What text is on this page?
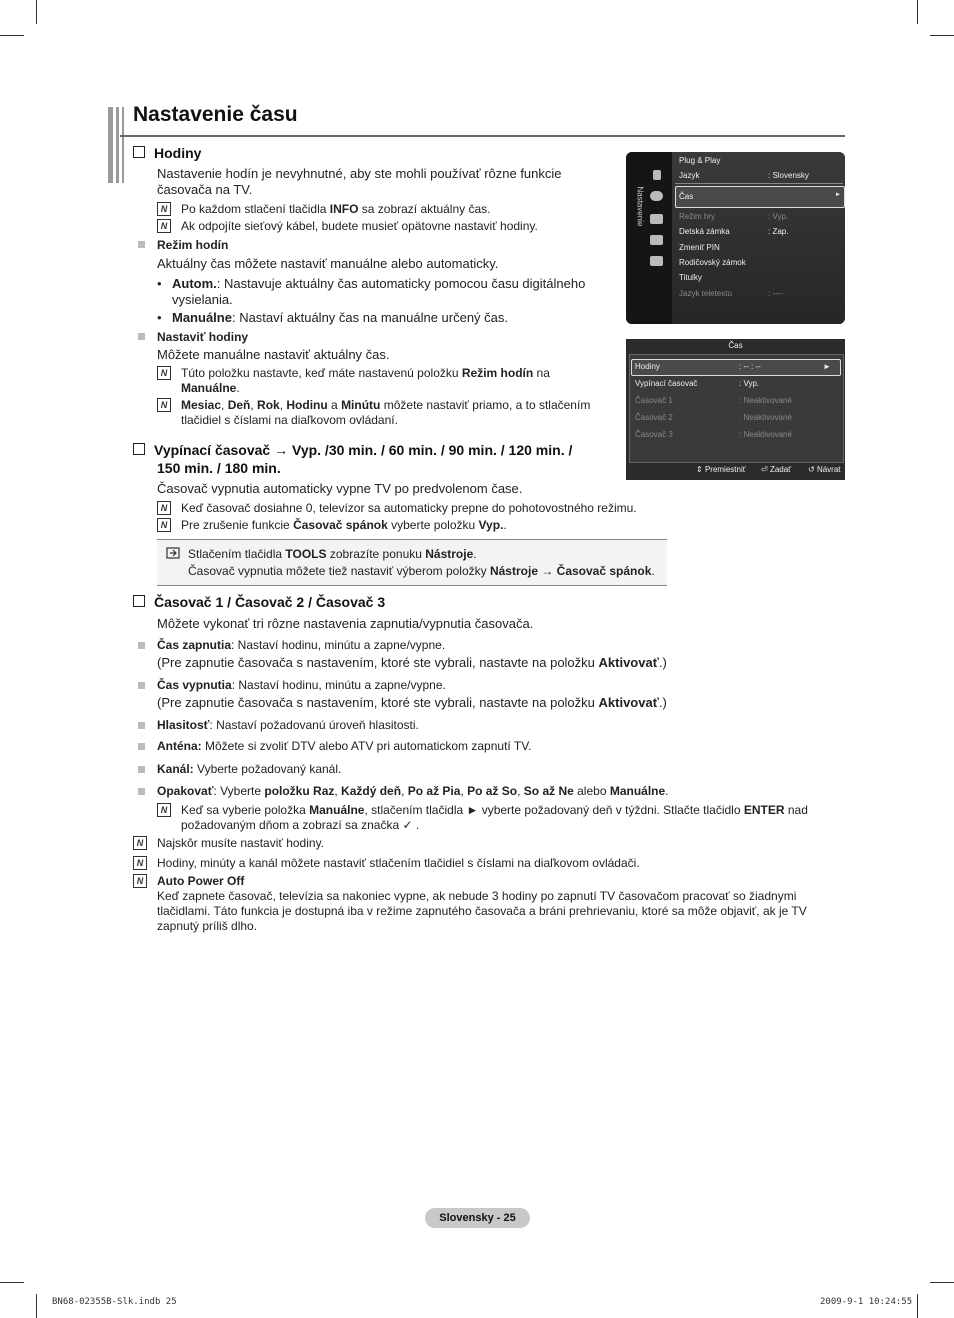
Nastavenie času
Hodiny
Nastavenie hodín je nevyhnutné, aby ste mohli používať rôzne funkcie časovača na TV.
N	Po každom stlačení tlačidla INFO sa zobrazí aktuálny čas.
N	Ak odpojíte sieťový kábel, budete musieť opätovne nastaviť hodiny.
Režim hodín
Aktuálny čas môžete nastaviť manuálne alebo automaticky.
• Autom.: Nastavuje aktuálny čas automaticky pomocou času digitálneho
vysielania.
• Manuálne: Nastaví aktuálny čas na manuálne určený čas.
Nastaviť hodiny
Môžete manuálne nastaviť aktuálny čas.
N	Túto položku nastavte, keď máte nastavenú položku Režim hodín na
Manuálne.
N	Mesiac, Deň, Rok, Hodinu a Minútu môžete nastaviť priamo, a to stlačením
tlačidiel s číslami na diaľkovom ovládaní.
Vypínací časovač → Vyp. /30 min. / 60 min. / 90 min. / 120 min. /
150 min. / 180 min.
Časovač vypnutia automaticky vypne TV po predvolenom čase.
N	Keď časovač dosiahne 0, televízor sa automaticky prepne do pohotovostného režimu.
N	Pre zrušenie funkcie Časovač spánok vyberte položku Vyp..
Stlačením tlačidla TOOLS zobrazíte ponuku Nástroje.
Časovač vypnutia môžete tiež nastaviť výberom položky Nástroje → Časovač spánok.
Časovač 1 / Časovač 2 / Časovač 3
Môžete vykonať tri rôzne nastavenia zapnutia/vypnutia časovača.
Čas zapnutia: Nastaví hodinu, minútu a zapne/vypne.
(Pre zapnutie časovača s nastavením, ktoré ste vybrali, nastavte na položku Aktivovať.)
Čas vypnutia: Nastaví hodinu, minútu a zapne/vypne.
(Pre zapnutie časovača s nastavením, ktoré ste vybrali, nastavte na položku Aktivovať.)
Hlasitosť: Nastaví požadovanú úroveň hlasitosti.
Anténa: Môžete si zvoliť DTV alebo ATV pri automatickom zapnutí TV.
Kanál: Vyberte požadovaný kanál.
Opakovať: Vyberte položku Raz, Každý deň, Po až Pia, Po až So, So až Ne alebo Manuálne.
N	Keď sa vyberie položka Manuálne, stlačením tlačidla ► vyberte požadovaný deň v týždni. Stlačte tlačidlo ENTER nad
požadovaným dňom a zobrazí sa značka ✓ .
N	Najskôr musíte nastaviť hodiny.
N	Hodiny, minúty a kanál môžete nastaviť stlačením tlačidiel s číslami na diaľkovom ovládači.
N	Auto Power Off
Keď zapnete časovač, televízia sa nakoniec vypne, ak nebude 3 hodiny po zapnutí TV časovačom pracovať so žiadnymi
tlačidlami. Táto funkcia je dostupná iba v režime zapnutého časovača a bráni prehrievaniu, ktoré sa môže objaviť, ak je TV
zapnutý príliš dlho.
Nastavenie
Plug & Play
Jazyk	: Slovensky
Čas	►
Režim hry	: Vyp.
Detská zámka	: Zap.
Zmeniť PIN
Rodičovský zámok
Titulky
Jazyk teletextu	: ----
Čas
Hodiny	: -- : --	►
Vypínací časovač	: Vyp.
Časovač 1	: Neaktivované
Časovač 2	: Neaktivované
Časovač 3	: Neaktivované
⇕ Premiestniť ⏎ Zadať ↺ Návrat
Slovensky - 25
BN68-02355B-Slk.indb 25	2009-9-1 10:24:55
